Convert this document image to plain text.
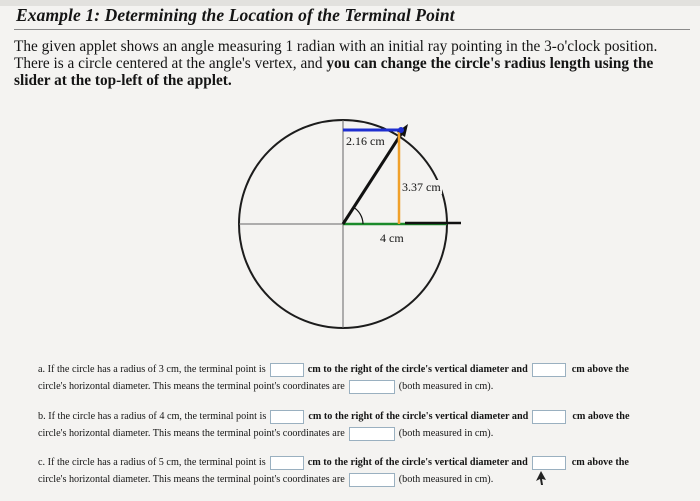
Example 1: Determining the Location of the Terminal Point
The given applet shows an angle measuring 1 radian with an initial ray pointing in the 3-o'clock position. There is a circle centered at the angle's vertex, and you can change the circle's radius length using the slider at the top-left of the applet.
2.16 cm
3.37 cm
4 cm
a. If the circle has a radius of 3 cm, the terminal point is	cm to the right of the circle's vertical diameter and	cm above the
circle's horizontal diameter. This means the terminal point's coordinates are	(both measured in cm).
b. If the circle has a radius of 4 cm, the terminal point is	cm to the right of the circle's vertical diameter and	cm above the
circle's horizontal diameter. This means the terminal point's coordinates are	(both measured in cm).
c. If the circle has a radius of 5 cm, the terminal point is	cm to the right of the circle's vertical diameter and	cm above the
circle's horizontal diameter. This means the terminal point's coordinates are	(both measured in cm).
